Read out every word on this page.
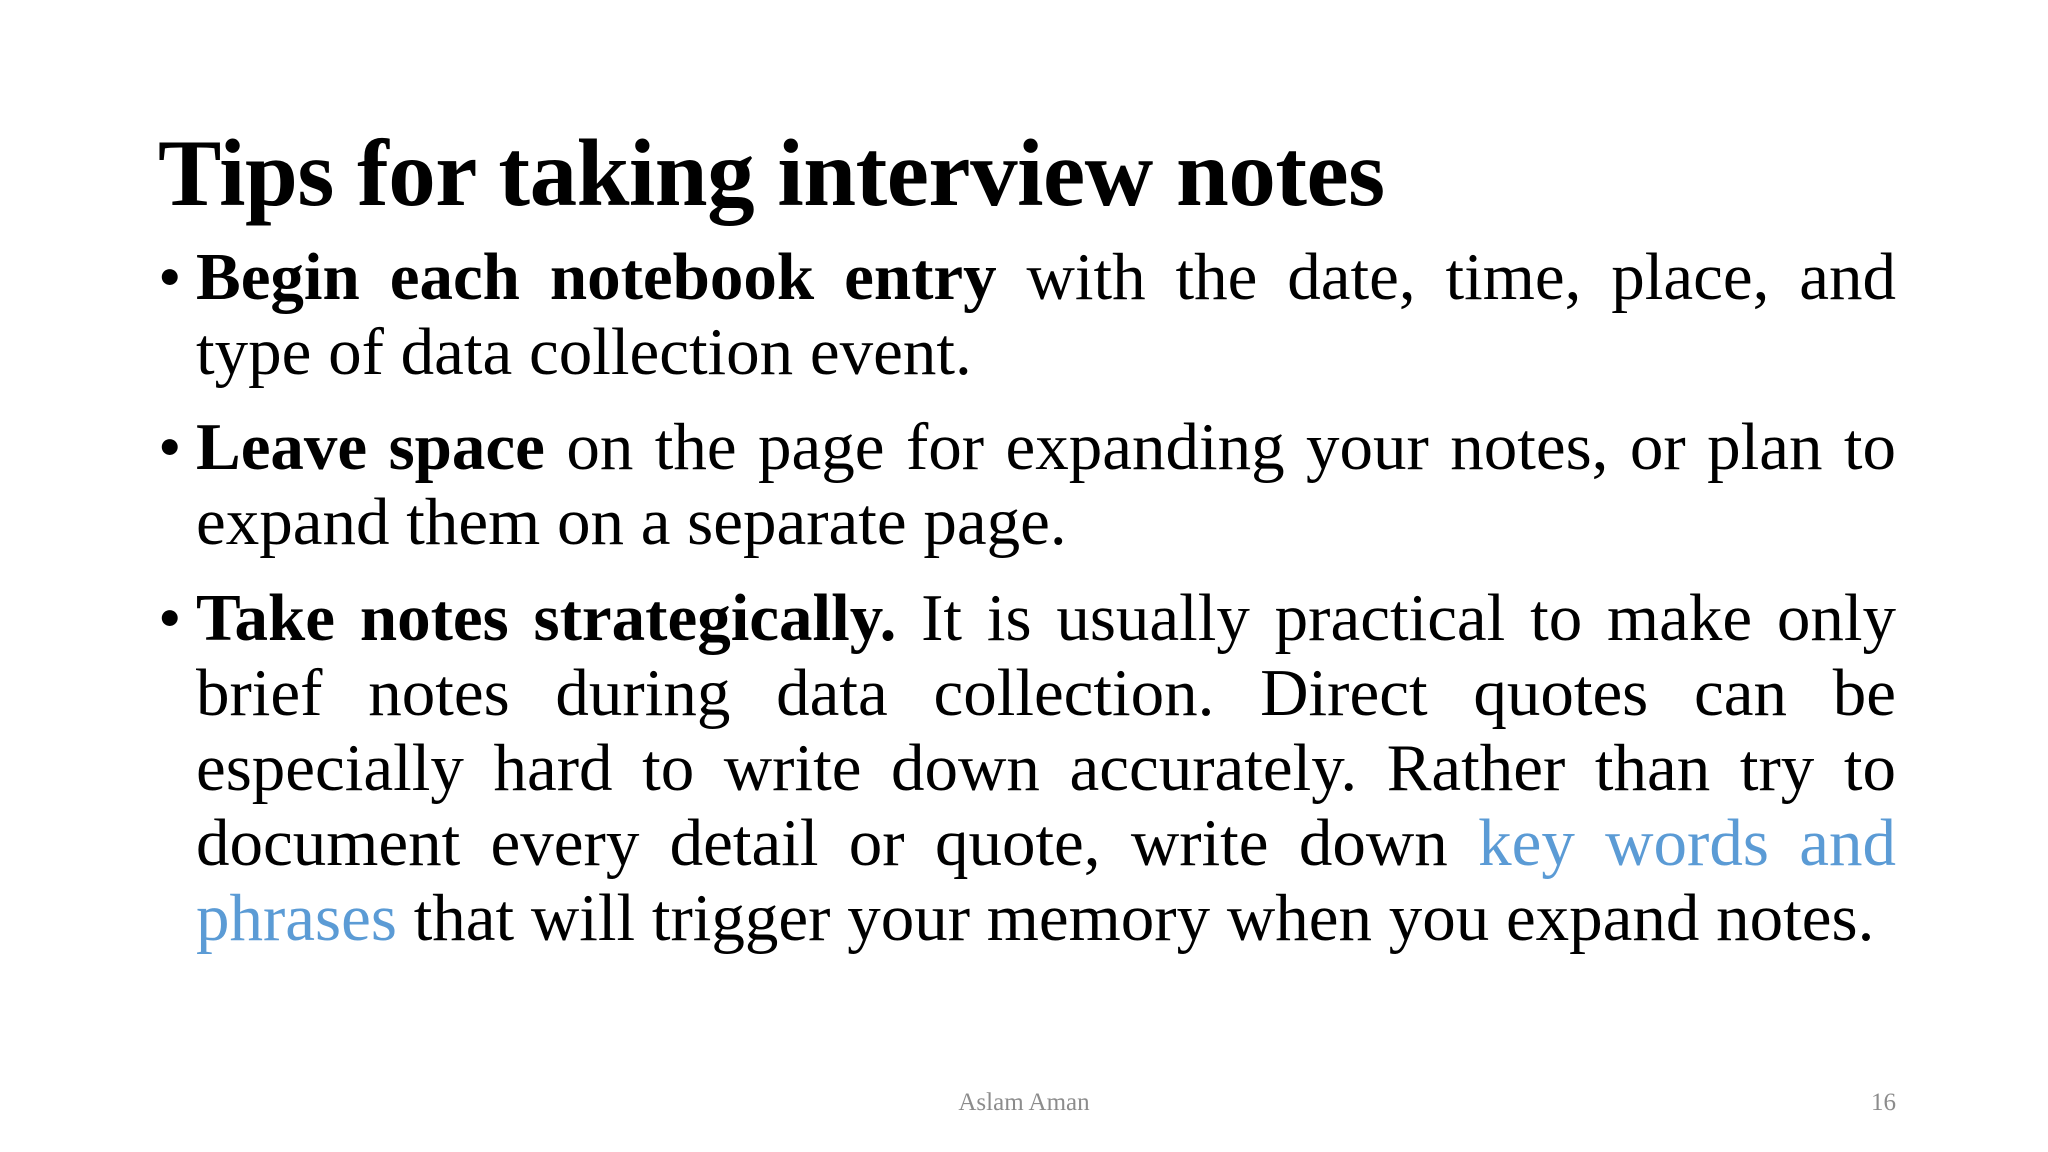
Tips for taking interview notes
• Begin each notebook entry with the date, time, place, and type of data collection event.
• Leave space on the page for expanding your notes, or plan to expand them on a separate page.
• Take notes strategically. It is usually practical to make only brief notes during data collection. Direct quotes can be especially hard to write down accurately. Rather than try to document every detail or quote, write down key words and phrases that will trigger your memory when you expand notes.
Aslam Aman	16
